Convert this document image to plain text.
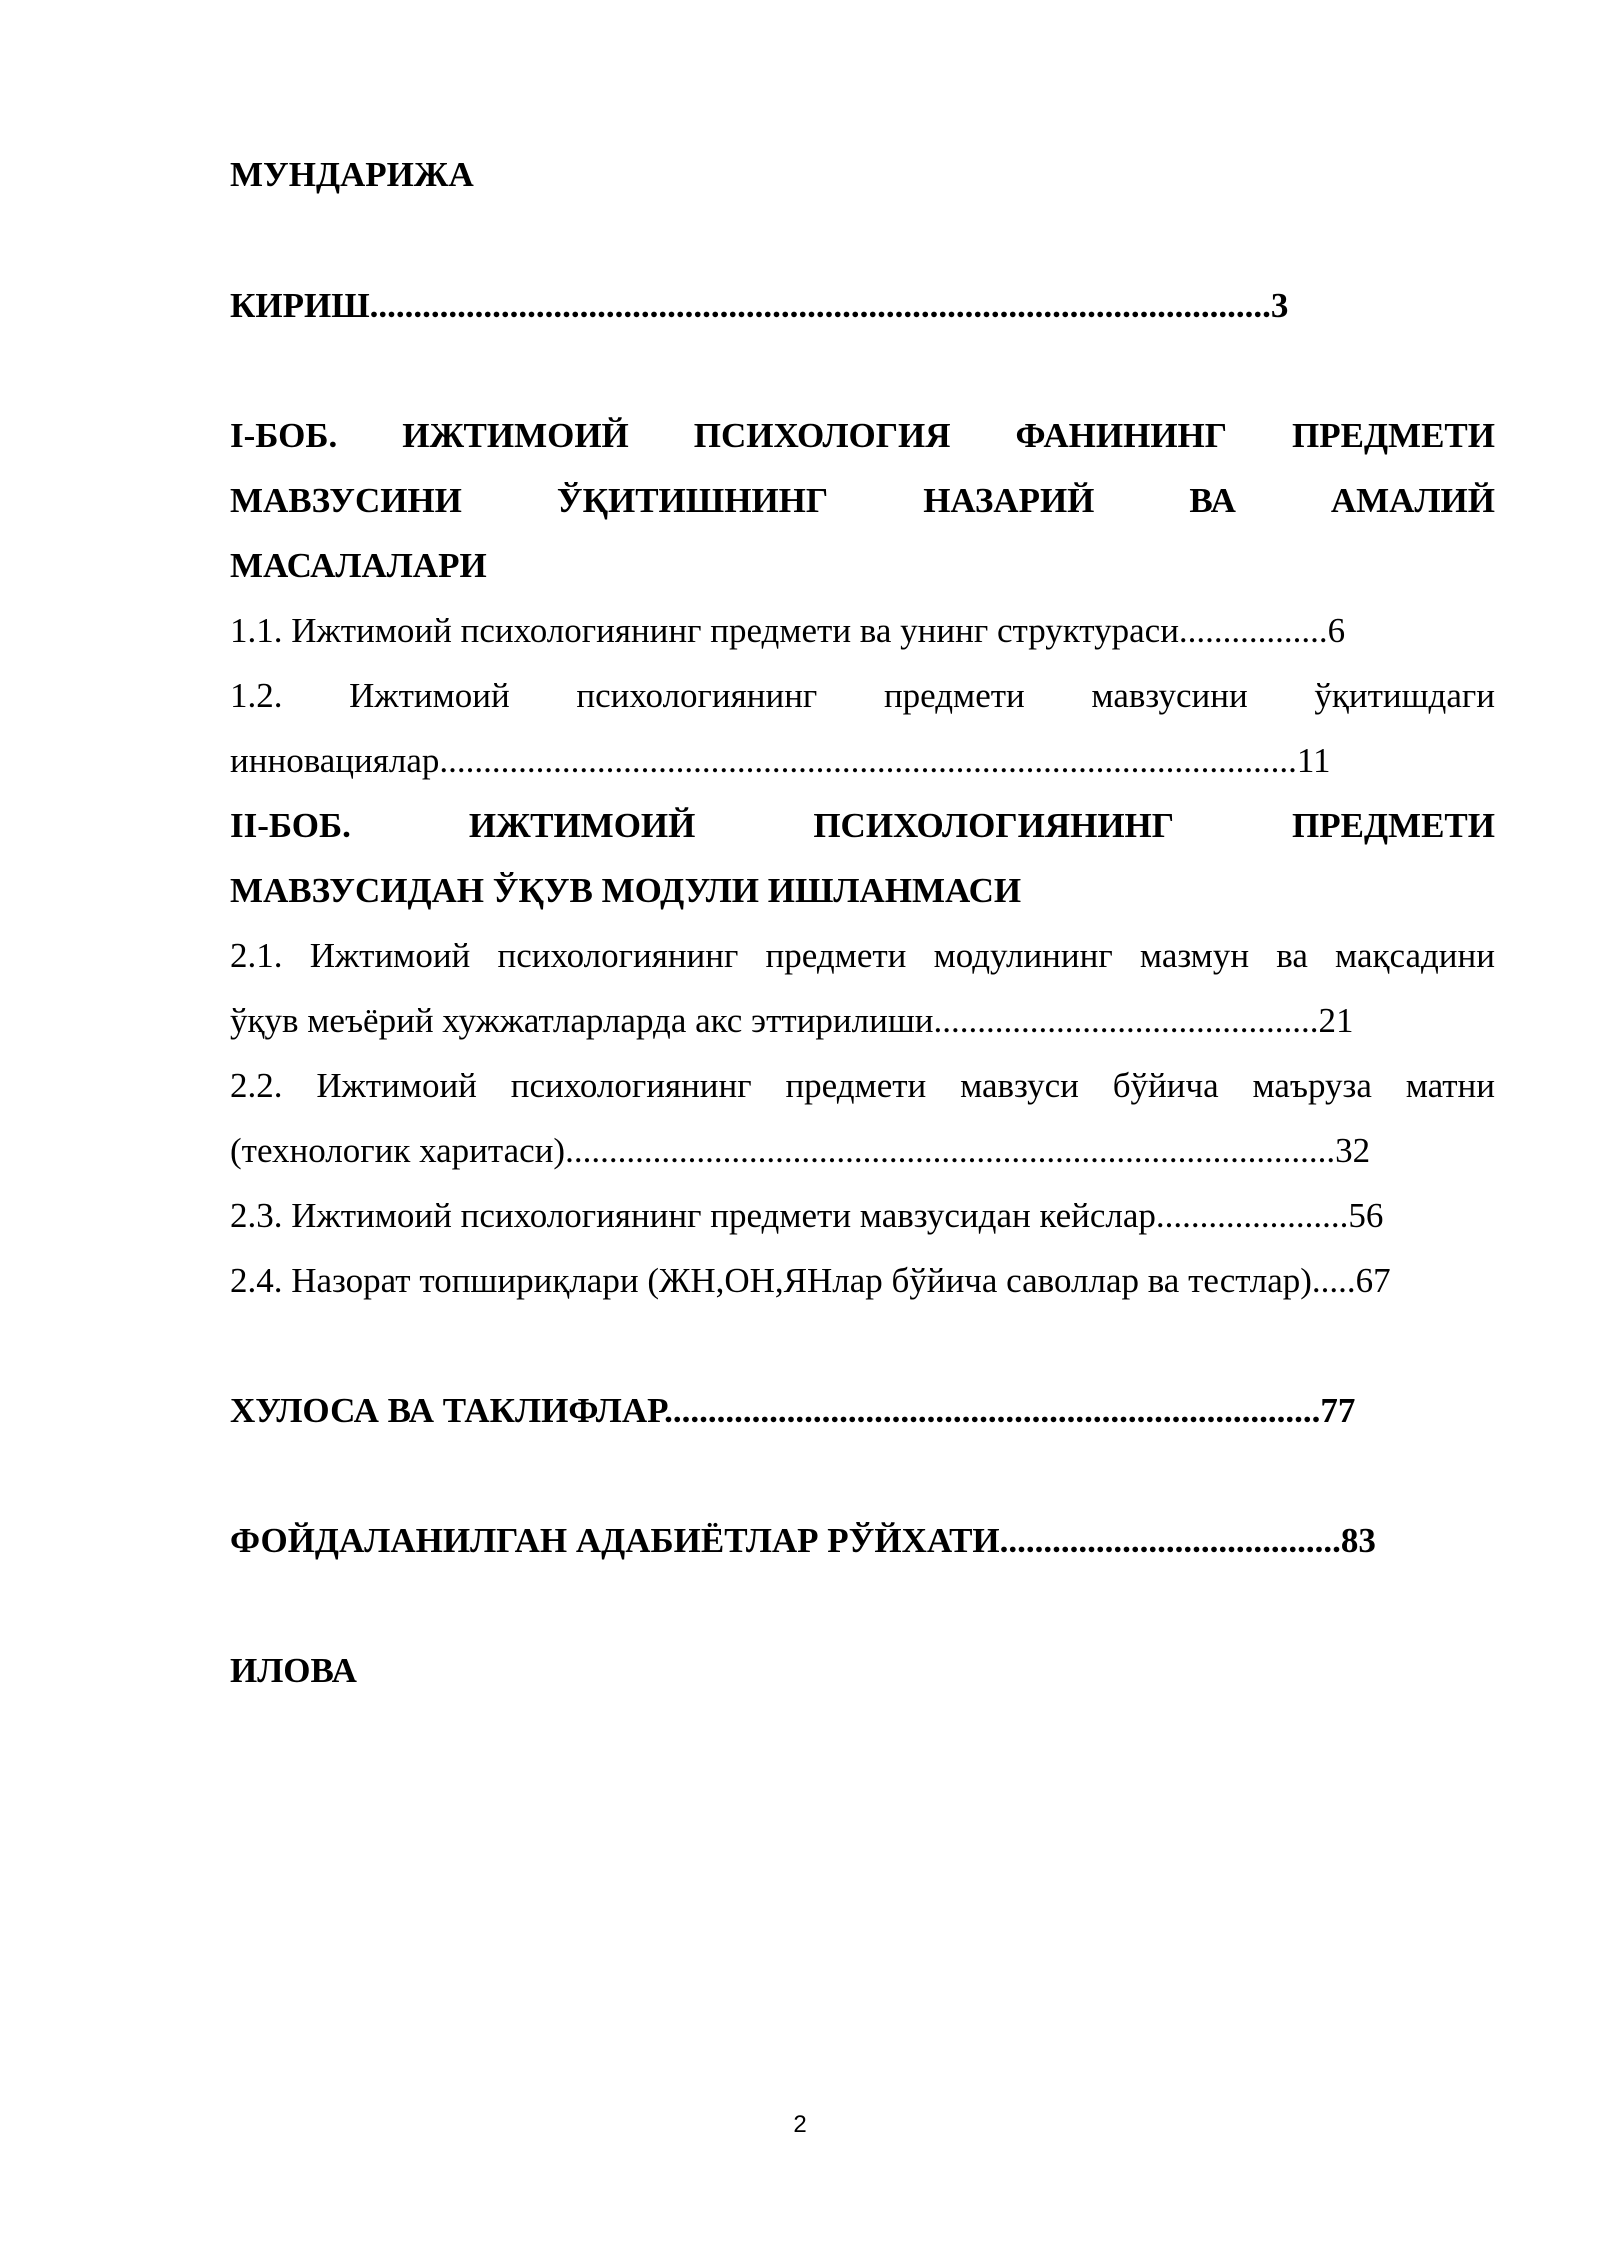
МУНДАРИЖА
КИРИШ.......................................................................................................3
I-БОБ. ИЖТИМОИЙ ПСИХОЛОГИЯ ФАНИНИНГ ПРЕДМЕТИ
МАВЗУСИНИ ЎҚИТИШНИНГ НАЗАРИЙ ВА АМАЛИЙ
МАСАЛАЛАРИ
1.1. Ижтимоий психологиянинг предмети ва унинг структураси.................6
1.2. Ижтимоий психологиянинг предмети мавзусини ўқитишдаги
инновациялар..................................................................................................11
II-БОБ. ИЖТИМОИЙ ПСИХОЛОГИЯНИНГ ПРЕДМЕТИ
МАВЗУСИДАН ЎҚУВ МОДУЛИ ИШЛАНМАСИ
2.1. Ижтимоий психологиянинг предмети модулининг мазмун ва мақсадини
ўқув меъёрий хужжатларларда акс эттирилиши............................................21
2.2. Ижтимоий психологиянинг предмети мавзуси бўйича маъруза матни
(технологик харитаси)........................................................................................32
2.3. Ижтимоий психологиянинг предмети мавзусидан кейслар......................56
2.4. Назорат топшириқлари (ЖН,ОН,ЯНлар бўйича саволлар ва тестлар).....67
ХУЛОСА ВА ТАКЛИФЛАР...........................................................................77
ФОЙДАЛАНИЛГАН АДАБИЁТЛАР РЎЙХАТИ.......................................83
ИЛОВА
2
